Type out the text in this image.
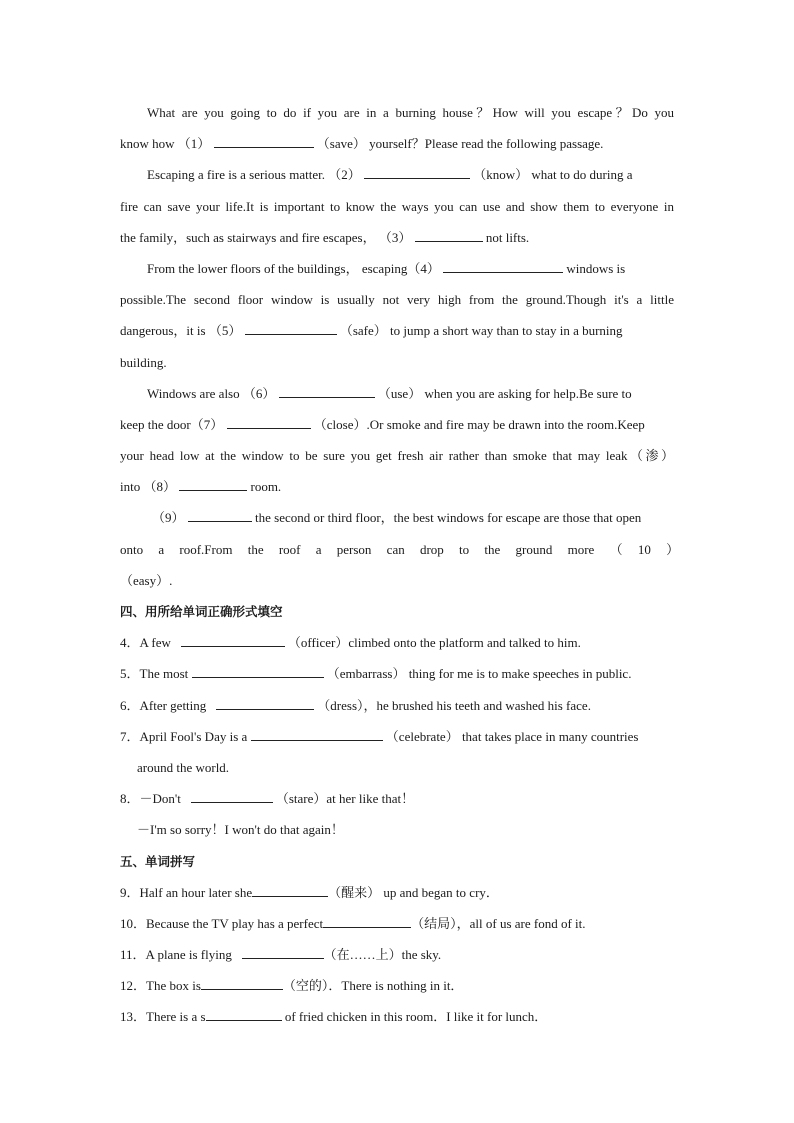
What are you going to do if you are in a burning house？How will you escape？Do you
know how （1）	（save） yourself？Please read the following passage.
Escaping a fire is a serious matter. （2）	（know） what to do during a
fire can save your life.It is important to know the ways you can use and show them to everyone in
the family，such as stairways and fire escapes， （3）	not lifts.
From the lower floors of the buildings， escaping（4）	windows is
possible.The second floor window is usually not very high from the ground.Though it's a little
dangerous，it is （5）	（safe） to jump a short way than to stay in a burning
building.
Windows are also （6）	（use） when you are asking for help.Be sure to
keep the door（7）	（close）.Or smoke and fire may be drawn into the room.Keep
your head low at the window to be sure you get fresh air rather than smoke that may leak（渗）
into （8）	room.
（9）	the second or third floor，the best windows for escape are those that open
onto a roof.From the roof a person can drop to the ground more （ 10 ）
（easy）.
四、用所给单词正确形式填空
4．A few	（officer）climbed onto the platform and talked to him.
5．The most	（embarrass） thing for me is to make speeches in public.
6．After getting	（dress），he brushed his teeth and washed his face.
7．April Fool's Day is a	（celebrate） that takes place in many countries
around the world.
8．－Don't	（stare）at her like that！
－I'm so sorry！I won't do that again！
五、单词拼写
9．Half an hour later she	（醒来） up and began to cry．
10．Because the TV play has a perfect	（结局），all of us are fond of it.
11．A plane is flying	（在……上）the sky.
12．The box is	（空的）．There is nothing in it．
13．There is a s	of fried chicken in this room．I like it for lunch．
